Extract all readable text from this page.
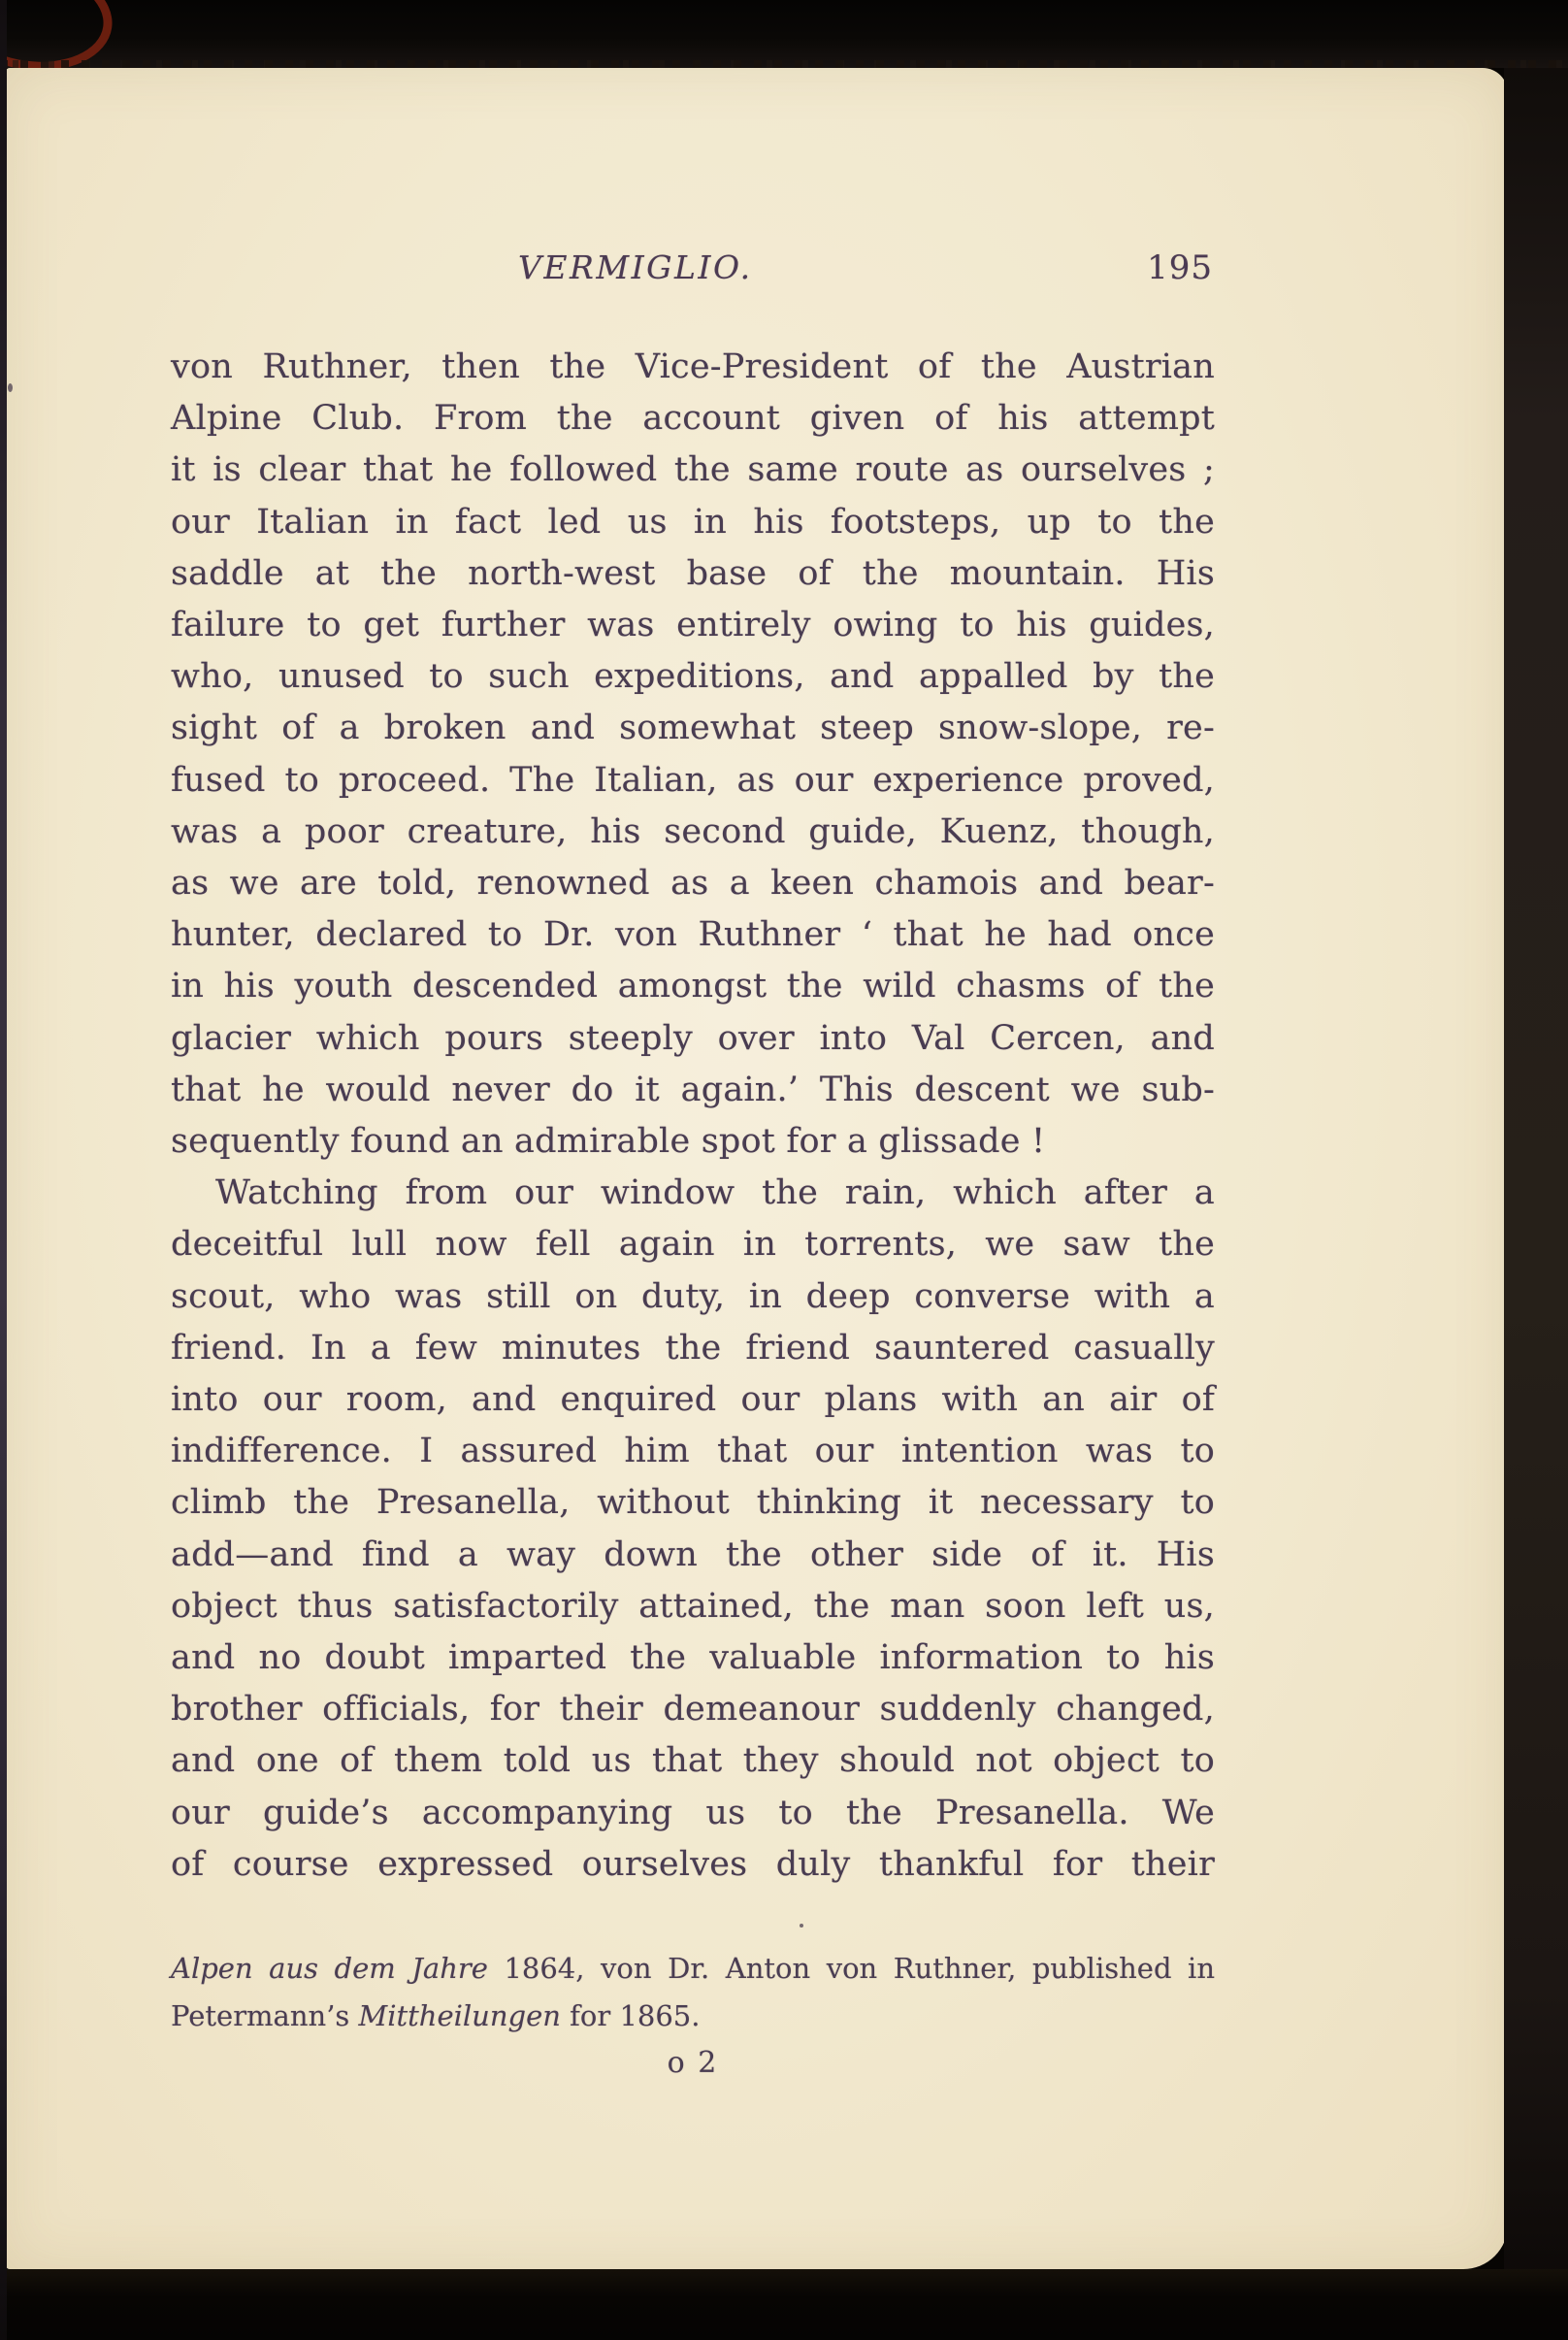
VERMIGLIO.	195
von Ruthner, then the Vice-President of the Austrian
Alpine Club. From the account given of his attempt
it is clear that he followed the same route as ourselves ;
our Italian in fact led us in his footsteps, up to the
saddle at the north-west base of the mountain. His
failure to get further was entirely owing to his guides,
who, unused to such expeditions, and appalled by the
sight of a broken and somewhat steep snow-slope, re-
fused to proceed. The Italian, as our experience proved,
was a poor creature, his second guide, Kuenz, though,
as we are told, renowned as a keen chamois and bear-
hunter, declared to Dr. von Ruthner ‘ that he had once
in his youth descended amongst the wild chasms of the
glacier which pours steeply over into Val Cercen, and
that he would never do it again.’ This descent we sub-
sequently found an admirable spot for a glissade !
Watching from our window the rain, which after a
deceitful lull now fell again in torrents, we saw the
scout, who was still on duty, in deep converse with a
friend. In a few minutes the friend sauntered casually
into our room, and enquired our plans with an air of
indifference. I assured him that our intention was to
climb the Presanella, without thinking it necessary to
add—and find a way down the other side of it. His
object thus satisfactorily attained, the man soon left us,
and no doubt imparted the valuable information to his
brother officials, for their demeanour suddenly changed,
and one of them told us that they should not object to
our guide’s accompanying us to the Presanella. We
of course expressed ourselves duly thankful for their
Alpen aus dem Jahre 1864, von Dr. Anton von Ruthner, published in
Petermann’s Mittheilungen for 1865.
o 2
